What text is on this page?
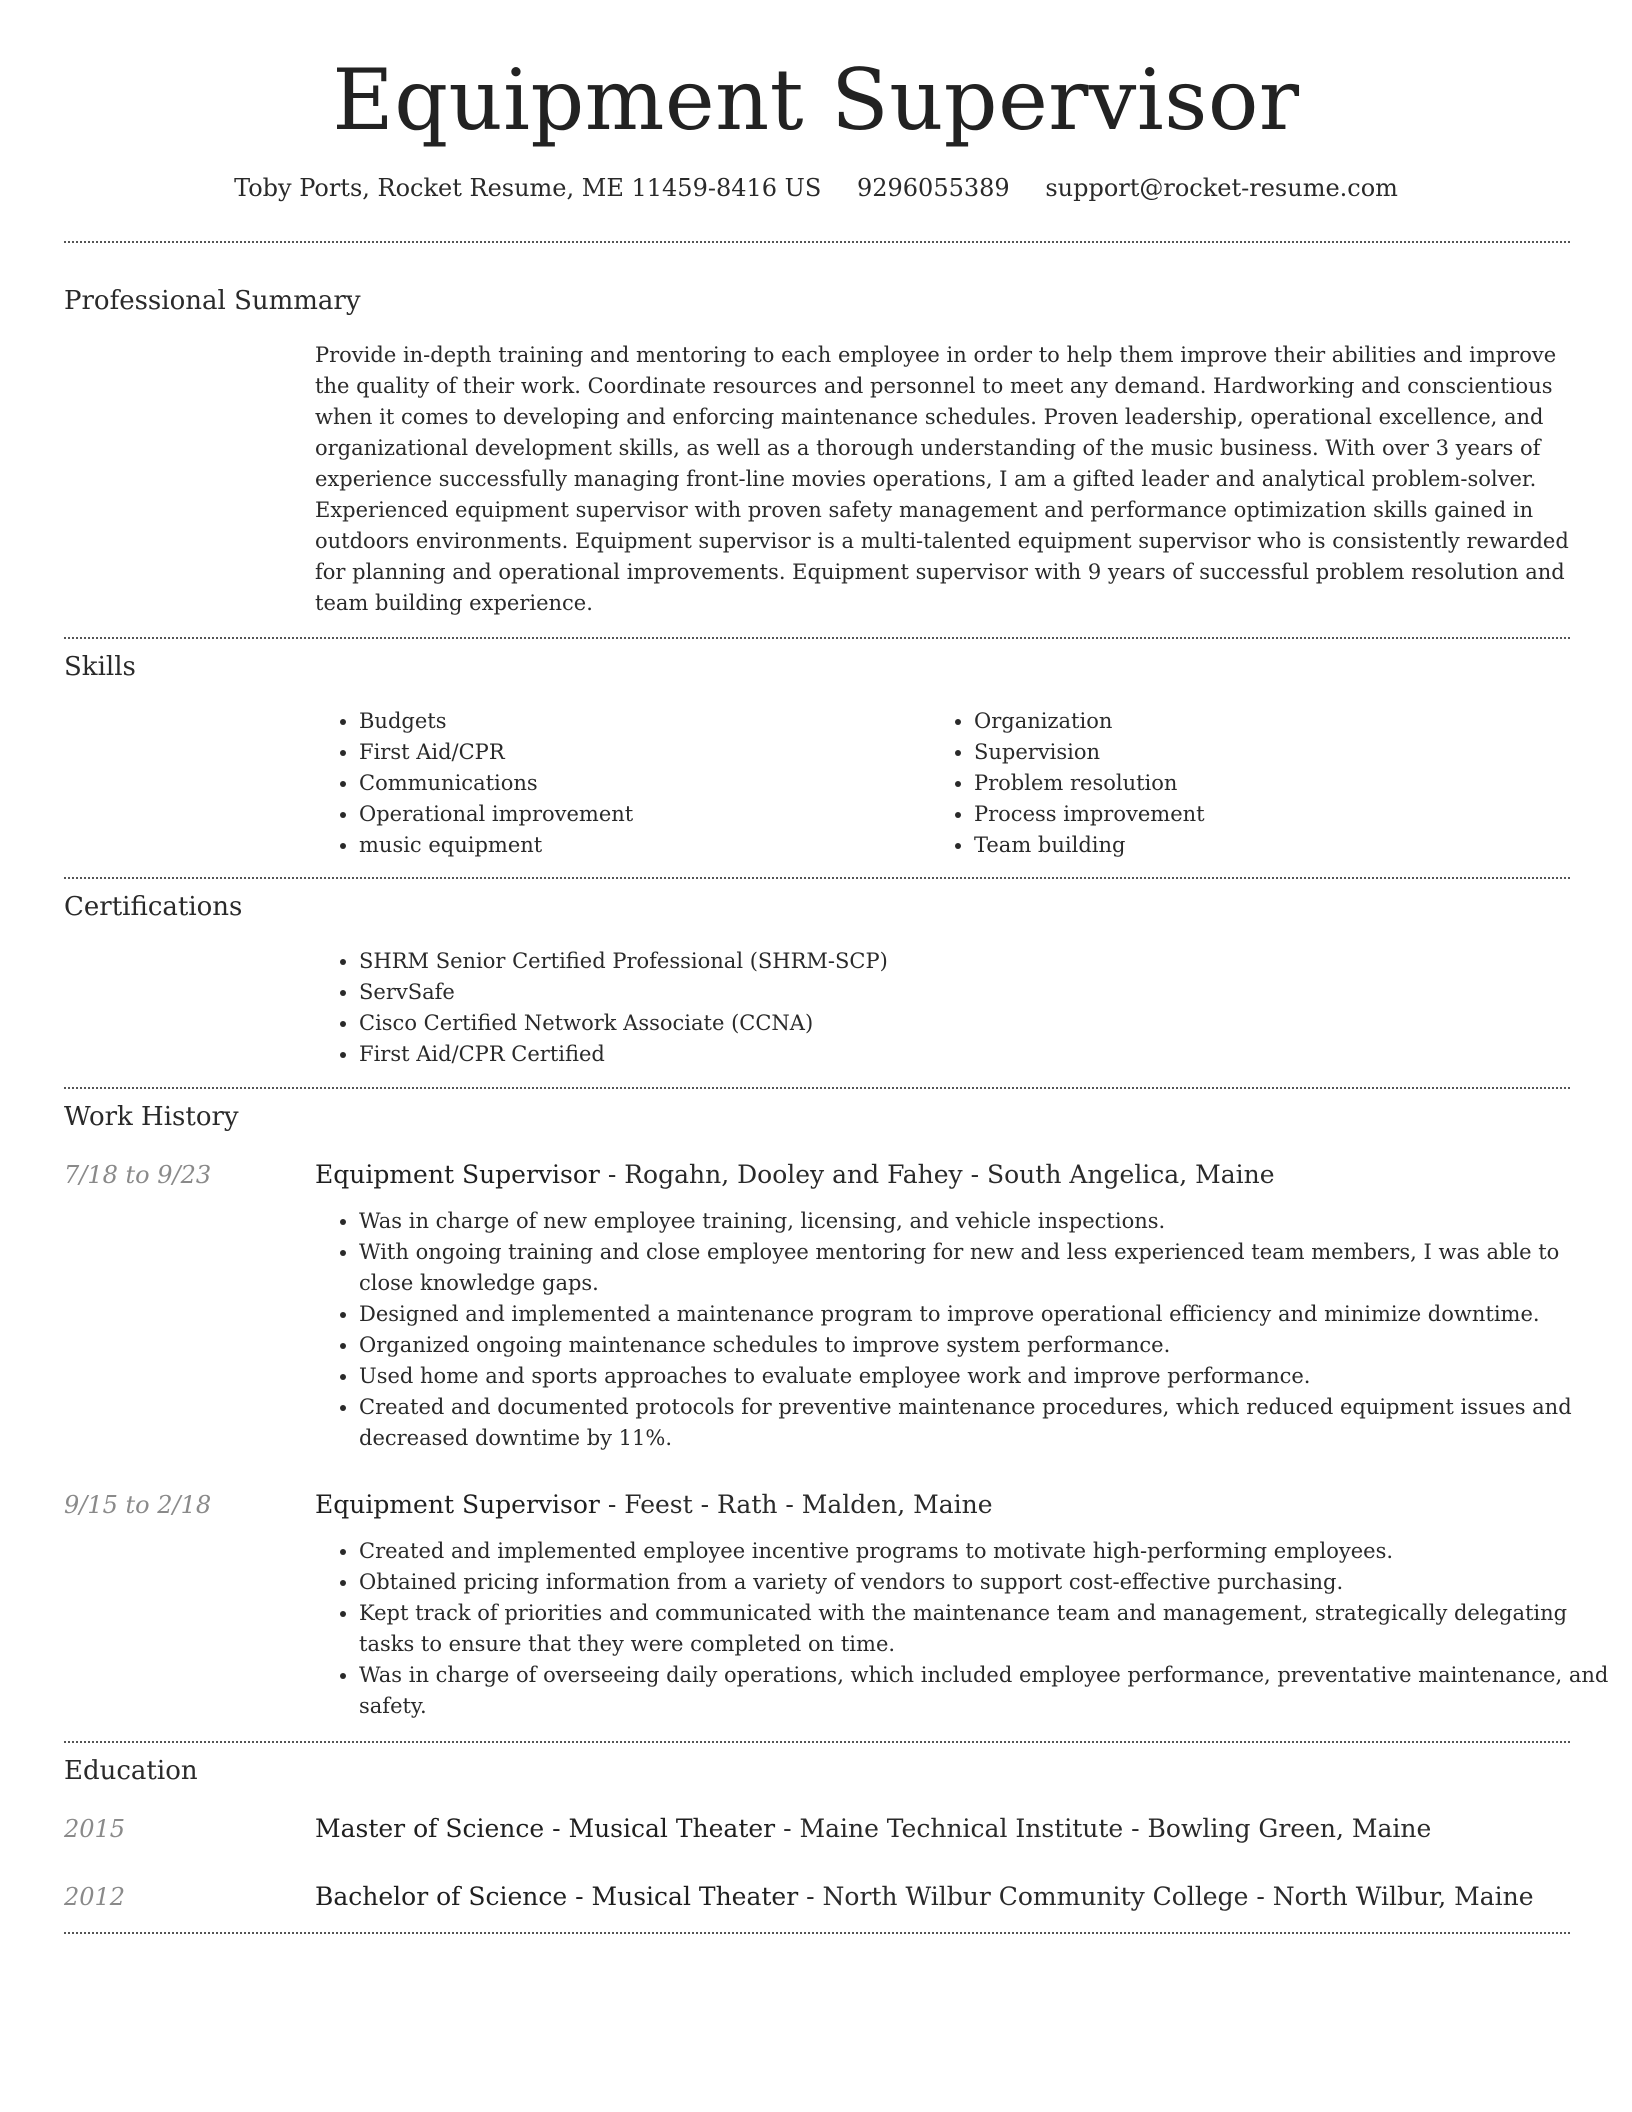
Equipment Supervisor
Toby Ports, Rocket Resume, ME 11459-8416 US 9296055389 support@rocket-resume.com
Professional Summary

Provide in-depth training and mentoring to each employee in order to help them improve their abilities and improve the quality of their work. Coordinate resources and personnel to meet any demand. Hardworking and conscientious when it comes to developing and enforcing maintenance schedules. Proven leadership, operational excellence, and organizational development skills, as well as a thorough understanding of the music business. With over 3 years of experience successfully managing front-line movies operations, I am a gifted leader and analytical problem-solver. Experienced equipment supervisor with proven safety management and performance optimization skills gained in outdoors environments. Equipment supervisor is a multi-talented equipment supervisor who is consistently rewarded for planning and operational improvements. Equipment supervisor with 9 years of successful problem resolution and team building experience.

Skills
• Budgets
• First Aid/CPR
• Communications
• Operational improvement
• music equipment
• Organization
• Supervision
• Problem resolution
• Process improvement
• Team building
Certifications
• SHRM Senior Certified Professional (SHRM-SCP)
• ServSafe
• Cisco Certified Network Associate (CCNA)
• First Aid/CPR Certified
Work History
7/18 to 9/23	Equipment Supervisor - Rogahn, Dooley and Fahey - South Angelica, Maine
• Was in charge of new employee training, licensing, and vehicle inspections.
• With ongoing training and close employee mentoring for new and less experienced team members, I was able to close knowledge gaps.
• Designed and implemented a maintenance program to improve operational efficiency and minimize downtime.
• Organized ongoing maintenance schedules to improve system performance.
• Used home and sports approaches to evaluate employee work and improve performance.
• Created and documented protocols for preventive maintenance procedures, which reduced equipment issues and decreased downtime by 11%.
9/15 to 2/18	Equipment Supervisor - Feest - Rath - Malden, Maine
• Created and implemented employee incentive programs to motivate high-performing employees.
• Obtained pricing information from a variety of vendors to support cost-effective purchasing.
• Kept track of priorities and communicated with the maintenance team and management, strategically delegating tasks to ensure that they were completed on time.
• Was in charge of overseeing daily operations, which included employee performance, preventative maintenance, and safety.
Education
2015	Master of Science - Musical Theater - Maine Technical Institute - Bowling Green, Maine
2012	Bachelor of Science - Musical Theater - North Wilbur Community College - North Wilbur, Maine
